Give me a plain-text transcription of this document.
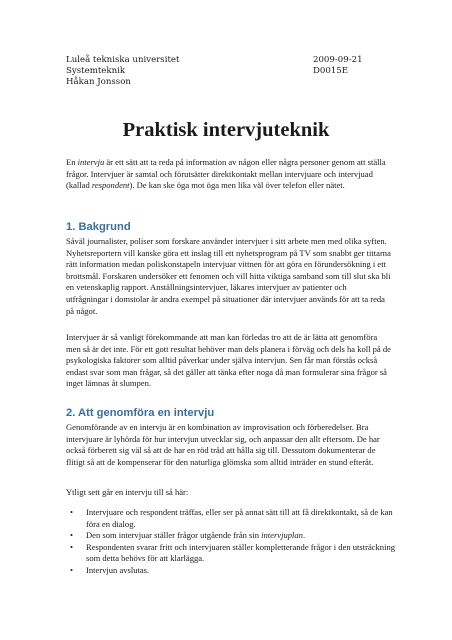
Luleå tekniska universitet
Systemteknik
Håkan Jonsson
2009-09-21
D0015E
Praktisk intervjuteknik

En intervju är ett sätt att ta reda på information av någon eller några personer genom att ställa frågor. Intervjuer är samtal och förutsätter direktkontakt mellan intervjuare och intervjuad (kallad respondent). De kan ske öga mot öga men lika väl över telefon eller nätet.

1. Bakgrund

Såväl journalister, poliser som forskare använder intervjuer i sitt arbete men med olika syften. Nyhetsreportern vill kanske göra ett inslag till ett nyhetsprogram på TV som snabbt ger tittarna rätt information medan poliskonstapeln intervjuar vittnen för att göra en förundersökning i ett brottsmål. Forskaren undersöker ett fenomen och vill hitta viktiga samband som till slut ska bli en vetenskaplig rapport. Anställningsintervjuer, läkares intervjuer av patienter och utfrågningar i domstolar är andra exempel på situationer där intervjuer används för att ta reda på något.

Intervjuer är så vanligt förekommande att man kan förledas tro att de är lätta att genomföra men så är det inte. För ett gott resultat behöver man dels planera i förväg och dels ha koll på de psykologiska faktorer som alltid påverkar under själva intervjun. Sen får man förstås också endast svar som man frågar, så det gäller att tänka efter noga då man formulerar sina frågor så inget lämnas åt slumpen.

2. Att genomföra en intervju

Genomförande av en intervju är en kombination av improvisation och förberedelser. Bra intervjuare är lyhörda för hur intervjun utvecklar sig, och anpassar den allt eftersom. De har också förberett sig väl så att de har en röd tråd att hålla sig till. Dessutom dokumenterar de flitigt så att de kompenserar för den naturliga glömska som alltid inträder en stund efteråt.

Ytligt sett går en intervju till så här:

• Intervjuare och respondent träffas, eller ser på annat sätt till att få direktkontakt, så de kan föra en dialog.
• Den som intervjuar ställer frågor utgående från sin intervjuplan.
• Respondenten svarar fritt och intervjuaren ställer kompletterande frågor i den utsträckning som detta behövs för att klarlägga.
• Intervjun avslutas.
